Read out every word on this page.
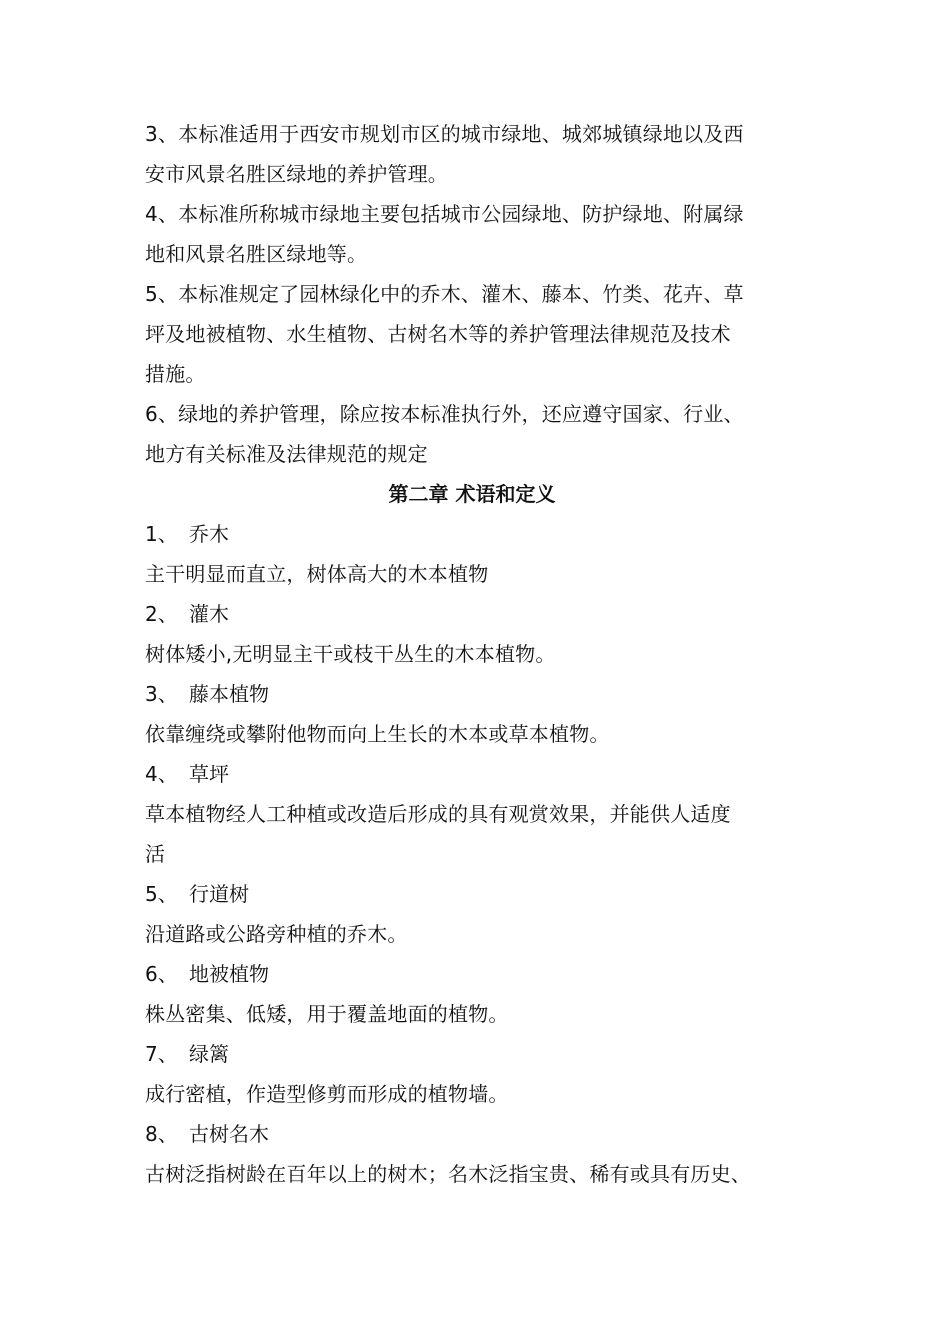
3、本标准适用于西安市规划市区的城市绿地、城郊城镇绿地以及西
安市风景名胜区绿地的养护管理。
4、本标准所称城市绿地主要包括城市公园绿地、防护绿地、附属绿
地和风景名胜区绿地等。
5、本标准规定了园林绿化中的乔木、灌木、藤本、竹类、花卉、草
坪及地被植物、水生植物、古树名木等的养护管理法律规范及技术
措施。
6、绿地的养护管理，除应按本标准执行外，还应遵守国家、行业、
地方有关标准及法律规范的规定
第二章 术语和定义
1、 乔木
主干明显而直立，树体高大的木本植物
2、 灌木
树体矮小,无明显主干或枝干丛生的木本植物。
3、 藤本植物
依靠缠绕或攀附他物而向上生长的木本或草本植物。
4、 草坪
草本植物经人工种植或改造后形成的具有观赏效果，并能供人适度
活
5、 行道树
沿道路或公路旁种植的乔木。
6、 地被植物
株丛密集、低矮，用于覆盖地面的植物。
7、 绿篱
成行密植，作造型修剪而形成的植物墙。
8、 古树名木
古树泛指树龄在百年以上的树木；名木泛指宝贵、稀有或具有历史、
